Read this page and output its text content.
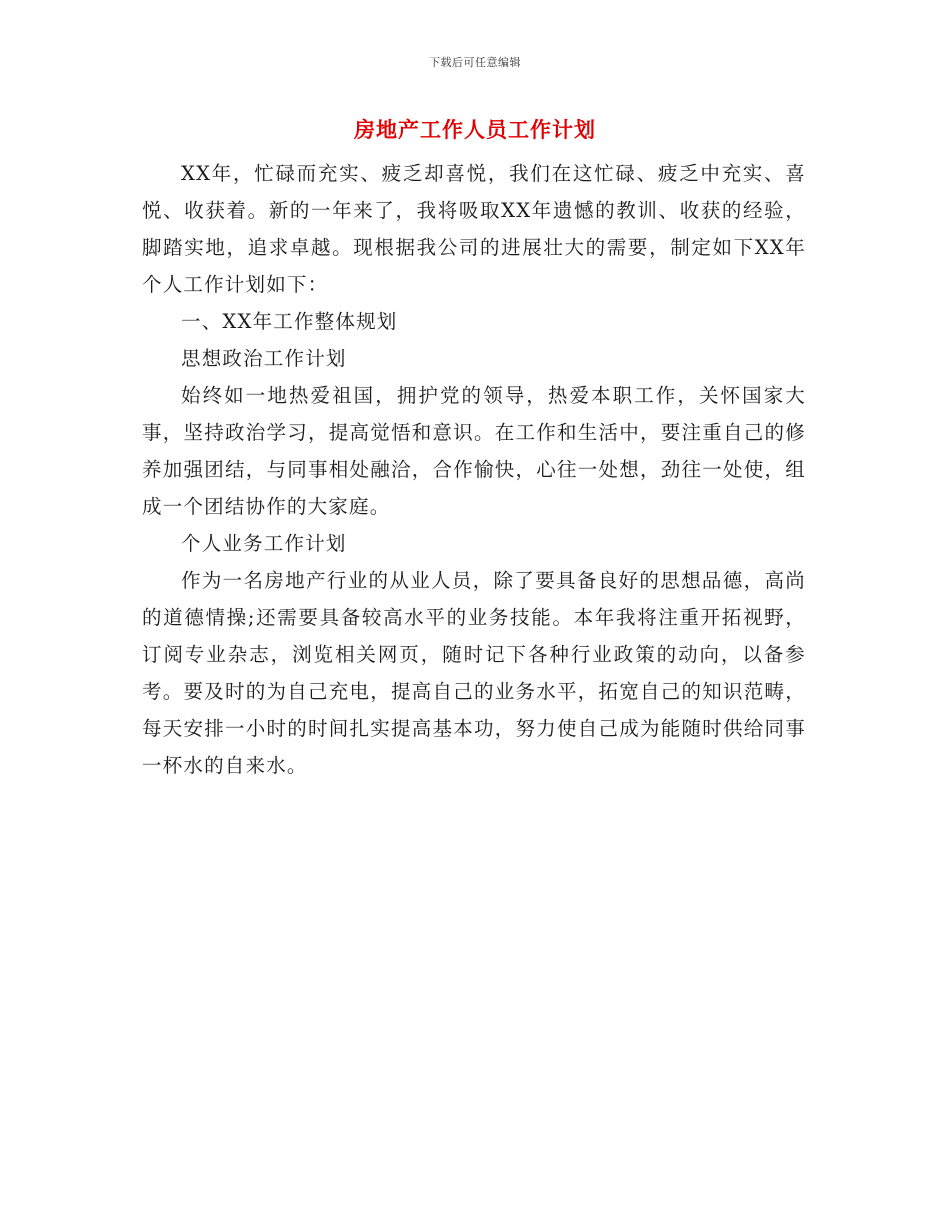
下载后可任意编辑
房地产工作人员工作计划

XX年，忙碌而充实、疲乏却喜悦，我们在这忙碌、疲乏中充实、喜悦、收获着。新的一年来了，我将吸取XX年遗憾的教训、收获的经验，脚踏实地，追求卓越。现根据我公司的进展壮大的需要，制定如下XX年个人工作计划如下：

一、XX年工作整体规划

思想政治工作计划

始终如一地热爱祖国，拥护党的领导，热爱本职工作，关怀国家大事，坚持政治学习，提高觉悟和意识。在工作和生活中，要注重自己的修养加强团结，与同事相处融洽，合作愉快，心往一处想，劲往一处使，组成一个团结协作的大家庭。

个人业务工作计划

作为一名房地产行业的从业人员，除了要具备良好的思想品德，高尚的道德情操;还需要具备较高水平的业务技能。本年我将注重开拓视野，订阅专业杂志，浏览相关网页，随时记下各种行业政策的动向，以备参考。要及时的为自己充电，提高自己的业务水平，拓宽自己的知识范畴，每天安排一小时的时间扎实提高基本功，努力使自己成为能随时供给同事一杯水的自来水。
